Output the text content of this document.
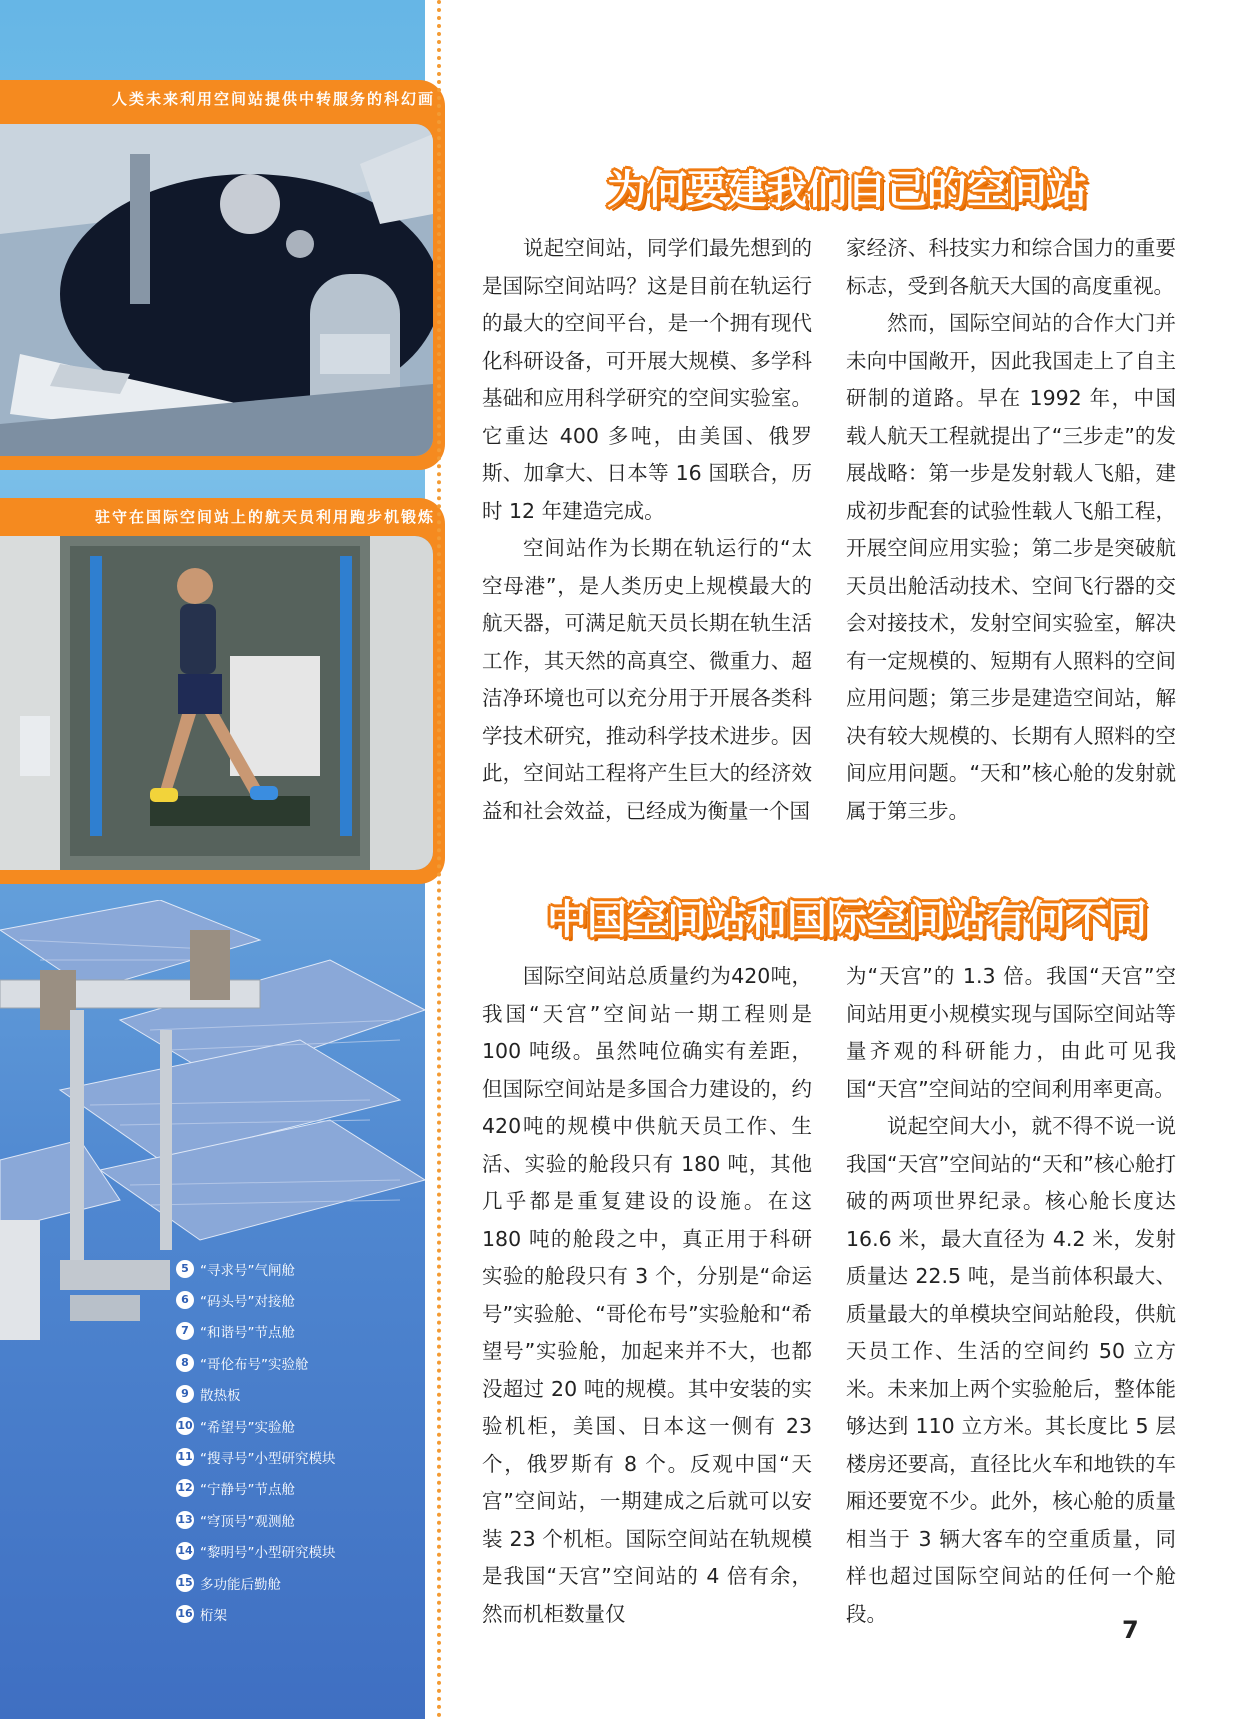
人类未来利用空间站提供中转服务的科幻画
驻守在国际空间站上的航天员利用跑步机锻炼
5 “寻求号”气闸舱
6 “码头号”对接舱
7 “和谐号”节点舱
8 “哥伦布号”实验舱
9 散热板
10 “希望号”实验舱
11 “搜寻号”小型研究模块
12 “宁静号”节点舱
13 “穹顶号”观测舱
14 “黎明号”小型研究模块
15 多功能后勤舱
16 桁架
为何要建我们自己的空间站

说起空间站，同学们最先想到的是国际空间站吗？这是目前在轨运行的最大的空间平台，是一个拥有现代化科研设备，可开展大规模、多学科基础和应用科学研究的空间实验室。它重达 400 多吨，由美国、俄罗斯、加拿大、日本等 16 国联合，历时 12 年建造完成。

空间站作为长期在轨运行的“太空母港”，是人类历史上规模最大的航天器，可满足航天员长期在轨生活工作，其天然的高真空、微重力、超洁净环境也可以充分用于开展各类科学技术研究，推动科学技术进步。因此，空间站工程将产生巨大的经济效益和社会效益，已经成为衡量一个国

家经济、科技实力和综合国力的重要标志，受到各航天大国的高度重视。

然而，国际空间站的合作大门并未向中国敞开，因此我国走上了自主研制的道路。早在 1992 年，中国载人航天工程就提出了“三步走”的发展战略：第一步是发射载人飞船，建成初步配套的试验性载人飞船工程，开展空间应用实验；第二步是突破航天员出舱活动技术、空间飞行器的交会对接技术，发射空间实验室，解决有一定规模的、短期有人照料的空间应用问题；第三步是建造空间站，解决有较大规模的、长期有人照料的空间应用问题。“天和”核心舱的发射就属于第三步。

中国空间站和国际空间站有何不同

国际空间站总质量约为420吨，我国“天宫”空间站一期工程则是 100 吨级。虽然吨位确实有差距，但国际空间站是多国合力建设的，约 420吨的规模中供航天员工作、生活、实验的舱段只有 180 吨，其他几乎都是重复建设的设施。在这 180 吨的舱段之中，真正用于科研实验的舱段只有 3 个，分别是“命运号”实验舱、“哥伦布号”实验舱和“希望号”实验舱，加起来并不大，也都没超过 20 吨的规模。其中安装的实验机柜，美国、日本这一侧有 23 个，俄罗斯有 8 个。反观中国“天宫”空间站，一期建成之后就可以安装 23 个机柜。国际空间站在轨规模是我国“天宫”空间站的 4 倍有余，然而机柜数量仅

为“天宫”的 1.3 倍。我国“天宫”空间站用更小规模实现与国际空间站等量齐观的科研能力，由此可见我国“天宫”空间站的空间利用率更高。

说起空间大小，就不得不说一说我国“天宫”空间站的“天和”核心舱打破的两项世界纪录。核心舱长度达 16.6 米，最大直径为 4.2 米，发射质量达 22.5 吨，是当前体积最大、质量最大的单模块空间站舱段，供航天员工作、生活的空间约 50 立方米。未来加上两个实验舱后，整体能够达到 110 立方米。其长度比 5 层楼房还要高，直径比火车和地铁的车厢还要宽不少。此外，核心舱的质量相当于 3 辆大客车的空重质量，同样也超过国际空间站的任何一个舱段。

7
